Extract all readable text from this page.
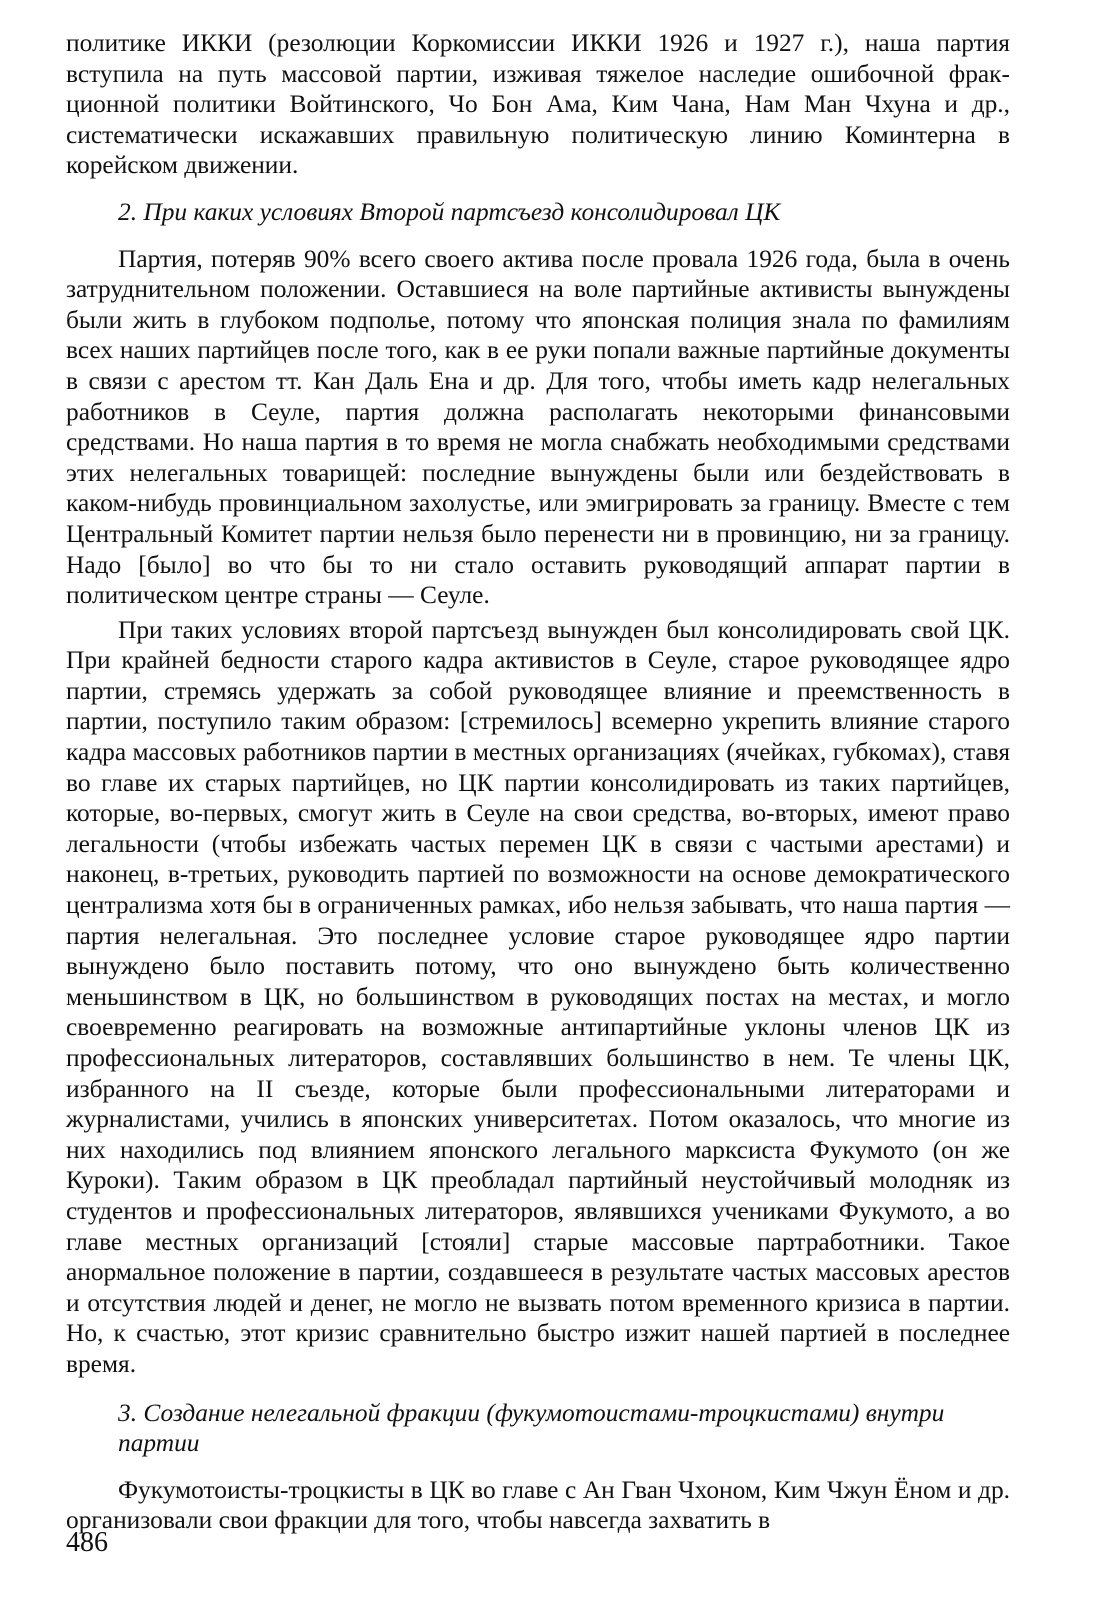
политике ИККИ (резолюции Коркомиссии ИККИ 1926 и 1927 г.), наша партия вступила на путь массовой партии, изживая тяжелое наследие ошибочной фракционной политики Войтинского, Чо Бон Ама, Ким Чана, Нам Ман Чхуна и др., систематически искажавших правильную политическую линию Коминтерна в корейском движении.

2. При каких условиях Второй партсъезд консолидировал ЦК

Партия, потеряв 90% всего своего актива после провала 1926 года, была в очень затруднительном положении. Оставшиеся на воле партийные активисты вынуждены были жить в глубоком подполье, потому что японская полиция знала по фамилиям всех наших партийцев после того, как в ее руки попали важные партийные документы в связи с арестом тт. Кан Даль Ена и др. Для того, чтобы иметь кадр нелегальных работников в Сеуле, партия должна располагать некоторыми финансовыми средствами. Но наша партия в то время не могла снабжать необходимыми средствами этих нелегальных товарищей: последние вынуждены были или бездействовать в каком-нибудь провинциальном захолустье, или эмигрировать за границу. Вместе с тем Центральный Комитет партии нельзя было перенести ни в провинцию, ни за границу. Надо [было] во что бы то ни стало оставить руководящий аппарат партии в политическом центре страны — Сеуле.

При таких условиях второй партсъезд вынужден был консолидировать свой ЦК. При крайней бедности старого кадра активистов в Сеуле, старое руководящее ядро партии, стремясь удержать за собой руководящее влияние и преемственность в партии, поступило таким образом: [стремилось] всемерно укрепить влияние старого кадра массовых работников партии в местных организациях (ячейках, губкомах), ставя во главе их старых партийцев, но ЦК партии консолидировать из таких партийцев, которые, во-первых, смогут жить в Сеуле на свои средства, во-вторых, имеют право легальности (чтобы избежать частых перемен ЦК в связи с частыми арестами) и наконец, в-третьих, руководить партией по возможности на основе демократического централизма хотя бы в ограниченных рамках, ибо нельзя забывать, что наша партия — партия нелегальная. Это последнее условие старое руководящее ядро партии вынуждено было поставить потому, что оно вынуждено быть количественно меньшинством в ЦК, но большинством в руководящих постах на местах, и могло своевременно реагировать на возможные антипартийные уклоны членов ЦК из профессиональных литераторов, составлявших большинство в нем. Те члены ЦК, избранного на II съезде, которые были профессиональными литераторами и журналистами, учились в японских университетах. Потом оказалось, что многие из них находились под влиянием японского легального марксиста Фукумото (он же Куроки). Таким образом в ЦК преобладал партийный неустойчивый молодняк из студентов и профессиональных литераторов, являвшихся учениками Фукумото, а во главе местных организаций [стояли] старые массовые партработники. Такое анормальное положение в партии, создавшееся в результате частых массовых арестов и отсутствия людей и денег, не могло не вызвать потом временного кризиса в партии. Но, к счастью, этот кризис сравнительно быстро изжит нашей партией в последнее время.

3. Создание нелегальной фракции (фукумотоистами-троцкистами) внутри партии

Фукумотоисты-троцкисты в ЦК во главе с Ан Гван Чхоном, Ким Чжун Ёном и др. организовали свои фракции для того, чтобы навсегда захватить в

486
